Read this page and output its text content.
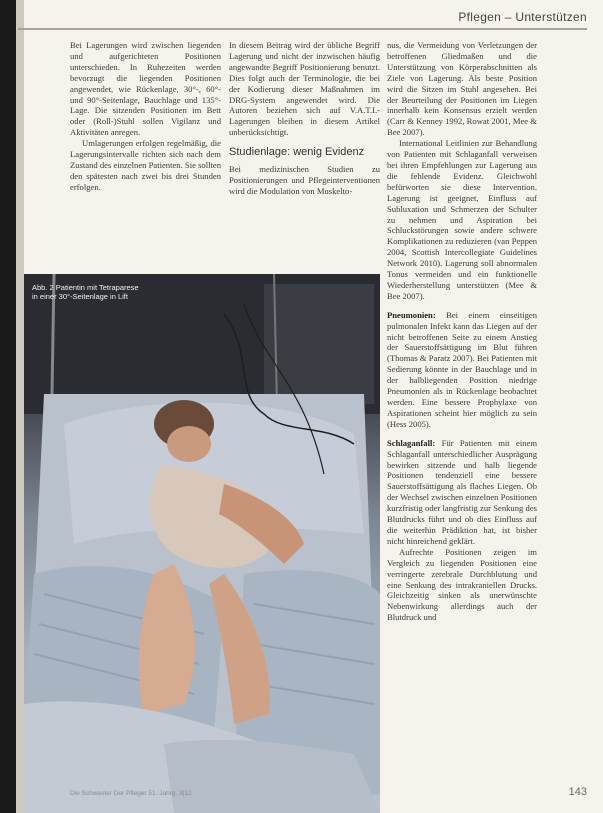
Pflegen – Unterstützen

Bei Lagerungen wird zwischen liegenden und aufgerichteten Positionen unterschieden. In Ruhezeiten werden bevorzugt die liegenden Positionen angewendet, wie Rückenlage, 30°-, 60°- und 90°-Seitenlage, Bauchlage und 135°-Lage. Die sitzenden Positionen im Bett oder (Roll-)Stuhl sollen Vigilanz und Aktivitäten anregen.

Umlagerungen erfolgen regelmäßig, die Lagerungsintervalle richten sich nach dem Zustand des einzelnen Patienten. Sie sollten den spätesten nach zwei bis drei Stunden erfolgen.

In diesem Beitrag wird der übliche Begriff Lagerung und nicht der inzwischen häufig angewandte Begriff Positionierung benutzt. Dies folgt auch der Terminologie, die bei der Kodierung dieser Maßnahmen im DRG-System angewendet wird. Die Autoren beziehen sich auf V.A.T.I.-Lagerungen bleiben in diesem Artikel unberücksichtigt.

Studienlage: wenig Evidenz

Bei medizinischen Studien zu Positionierungen und Pflegeinterventionen wird die Modulation von Muskelto-

nus, die Vermeidung von Verletzungen der betroffenen Gliedmaßen und die Unterstützung von Körperabschnitten als Ziele von Lagerung. Als beste Position wird die Sitzen im Stuhl angesehen. Bei der Beurteilung der Positionen im Liegen innerhalb kein Konsensus erzielt werden (Carr & Kenney 1992, Rowat 2001, Mee & Bee 2007).

International Leitlinien zur Behandlung von Patienten mit Schlaganfall verweisen bei ihren Empfehlungen zur Lagerung aus die fehlende Evidenz. Gleichwohl befürworten sie diese Intervention. Lagerung ist geeignet, Einfluss auf Subluxation und Schmerzen der Schulter zu nehmen und Aspiration bei Schluckstörungen sowie andere schwere Komplikationen zu reduzieren (van Peppen 2004, Scottish Intercollegiate Guidelines Network 2010). Lagerung soll abnormalen Tonus vermeiden und ein funktionelle Wiederherstellung unterstützen (Mee & Bee 2007).

Pneumonien: Bei einem einseitigen pulmonalen Infekt kann das Liegen auf der nicht betroffenen Seite zu einem Anstieg der Sauerstoffsättigung im Blut führen (Thomas & Paratz 2007). Bei Patienten mit Sedierung könnte in der Bauchlage und in der halbliegenden Position niedrige Pneumonien als in Rückenlage beobachtet werden. Eine bessere Prophylaxe von Aspirationen scheint hier möglich zu sein (Hess 2005).

Schlaganfall: Für Patienten mit einem Schlaganfall unterschiedlicher Ausprägung bewirken sitzende und halb liegende Positionen tendenziell eine bessere Sauerstoffsättigung als flaches Liegen. Ob der Wechsel zwischen einzelnen Positionen kurzfristig oder langfristig zur Senkung des Blutdrucks führt und ob dies Einfluss auf die weiterhin Prädiktion hat, ist bisher nicht hinreichend geklärt.

Aufrechte Positionen zeigen im Vergleich zu liegenden Positionen eine verringerte zerebrale Durchblutung und eine Senkung des intrakraniellen Drucks. Gleichzeitig sinken als unerwünschte Nebenwirkung allerdings auch der Blutdruck und

Abb. 2 Patientin mit Tetraparese
in einer 30°-Seitenlage in Lift
Die Schwester Der Pfleger 51. Jahrg. 3|12	143
